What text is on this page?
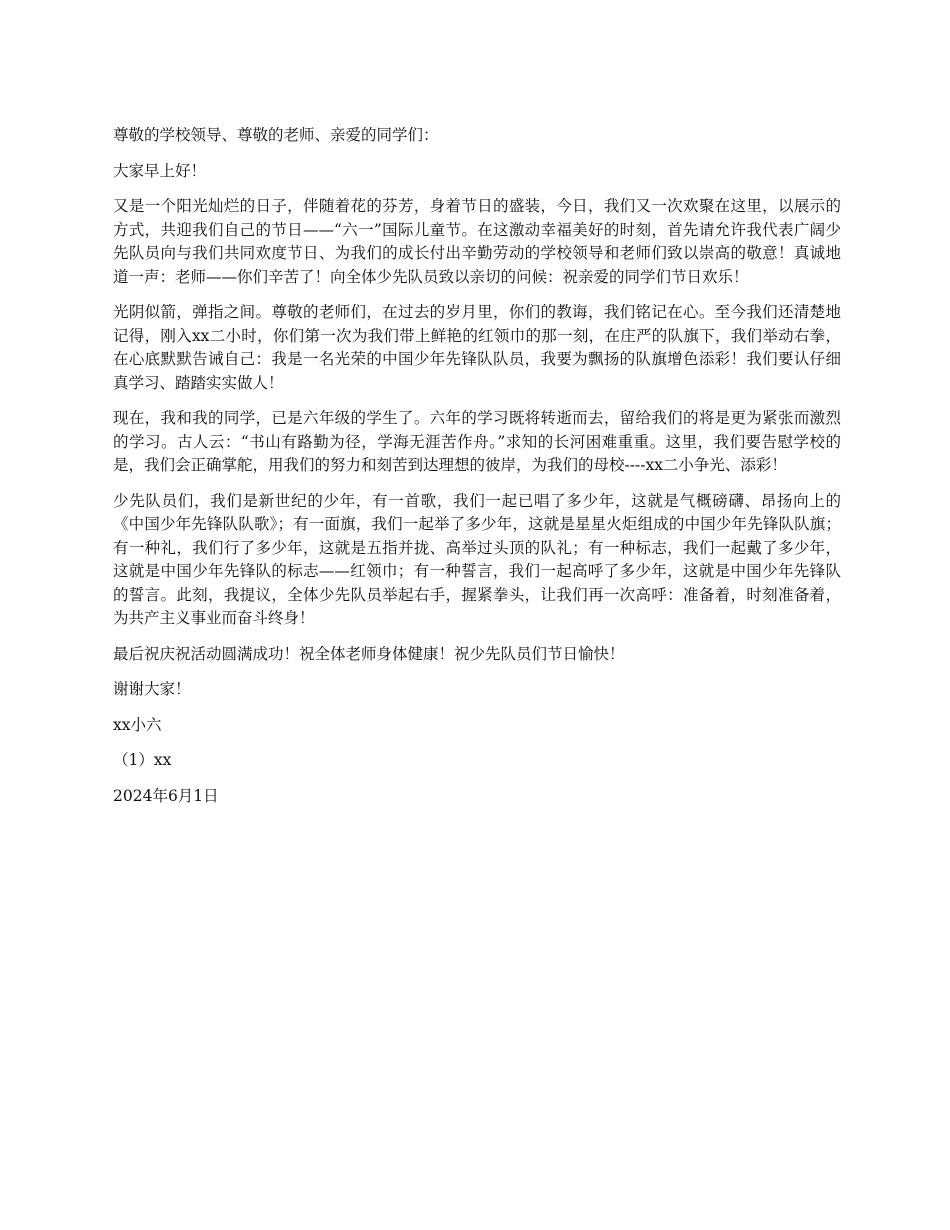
尊敬的学校领导、尊敬的老师、亲爱的同学们：

大家早上好！

又是一个阳光灿烂的日子，伴随着花的芬芳，身着节日的盛装，今日，我们又一次欢聚在这里，以展示的方式，共迎我们自己的节日——“六一”国际儿童节。在这激动幸福美好的时刻，首先请允许我代表广阔少先队员向与我们共同欢度节日、为我们的成长付出辛勤劳动的学校领导和老师们致以崇高的敬意！真诚地道一声：老师——你们辛苦了！向全体少先队员致以亲切的问候：祝亲爱的同学们节日欢乐！

光阴似箭，弹指之间。尊敬的老师们，在过去的岁月里，你们的教诲，我们铭记在心。至今我们还清楚地记得，刚入xx二小时，你们第一次为我们带上鲜艳的红领巾的那一刻，在庄严的队旗下，我们举动右拳，在心底默默告诫自己：我是一名光荣的中国少年先锋队队员，我要为飘扬的队旗增色添彩！我们要认仔细真学习、踏踏实实做人！

现在，我和我的同学，已是六年级的学生了。六年的学习既将转逝而去，留给我们的将是更为紧张而激烈的学习。古人云：“书山有路勤为径，学海无涯苦作舟。”求知的长河困难重重。这里，我们要告慰学校的是，我们会正确掌舵，用我们的努力和刻苦到达理想的彼岸，为我们的母校----xx二小争光、添彩！

少先队员们，我们是新世纪的少年，有一首歌，我们一起已唱了多少年，这就是气概磅礴、昂扬向上的《中国少年先锋队队歌》；有一面旗，我们一起举了多少年，这就是星星火炬组成的中国少年先锋队队旗；有一种礼，我们行了多少年，这就是五指并拢、高举过头顶的队礼；有一种标志，我们一起戴了多少年，这就是中国少年先锋队的标志——红领巾；有一种誓言，我们一起高呼了多少年，这就是中国少年先锋队的誓言。此刻，我提议，全体少先队员举起右手，握紧拳头，让我们再一次高呼：准备着，时刻准备着，为共产主义事业而奋斗终身！

最后祝庆祝活动圆满成功！祝全体老师身体健康！祝少先队员们节日愉快！

谢谢大家！

xx小六

（1）xx

2024年6月1日
